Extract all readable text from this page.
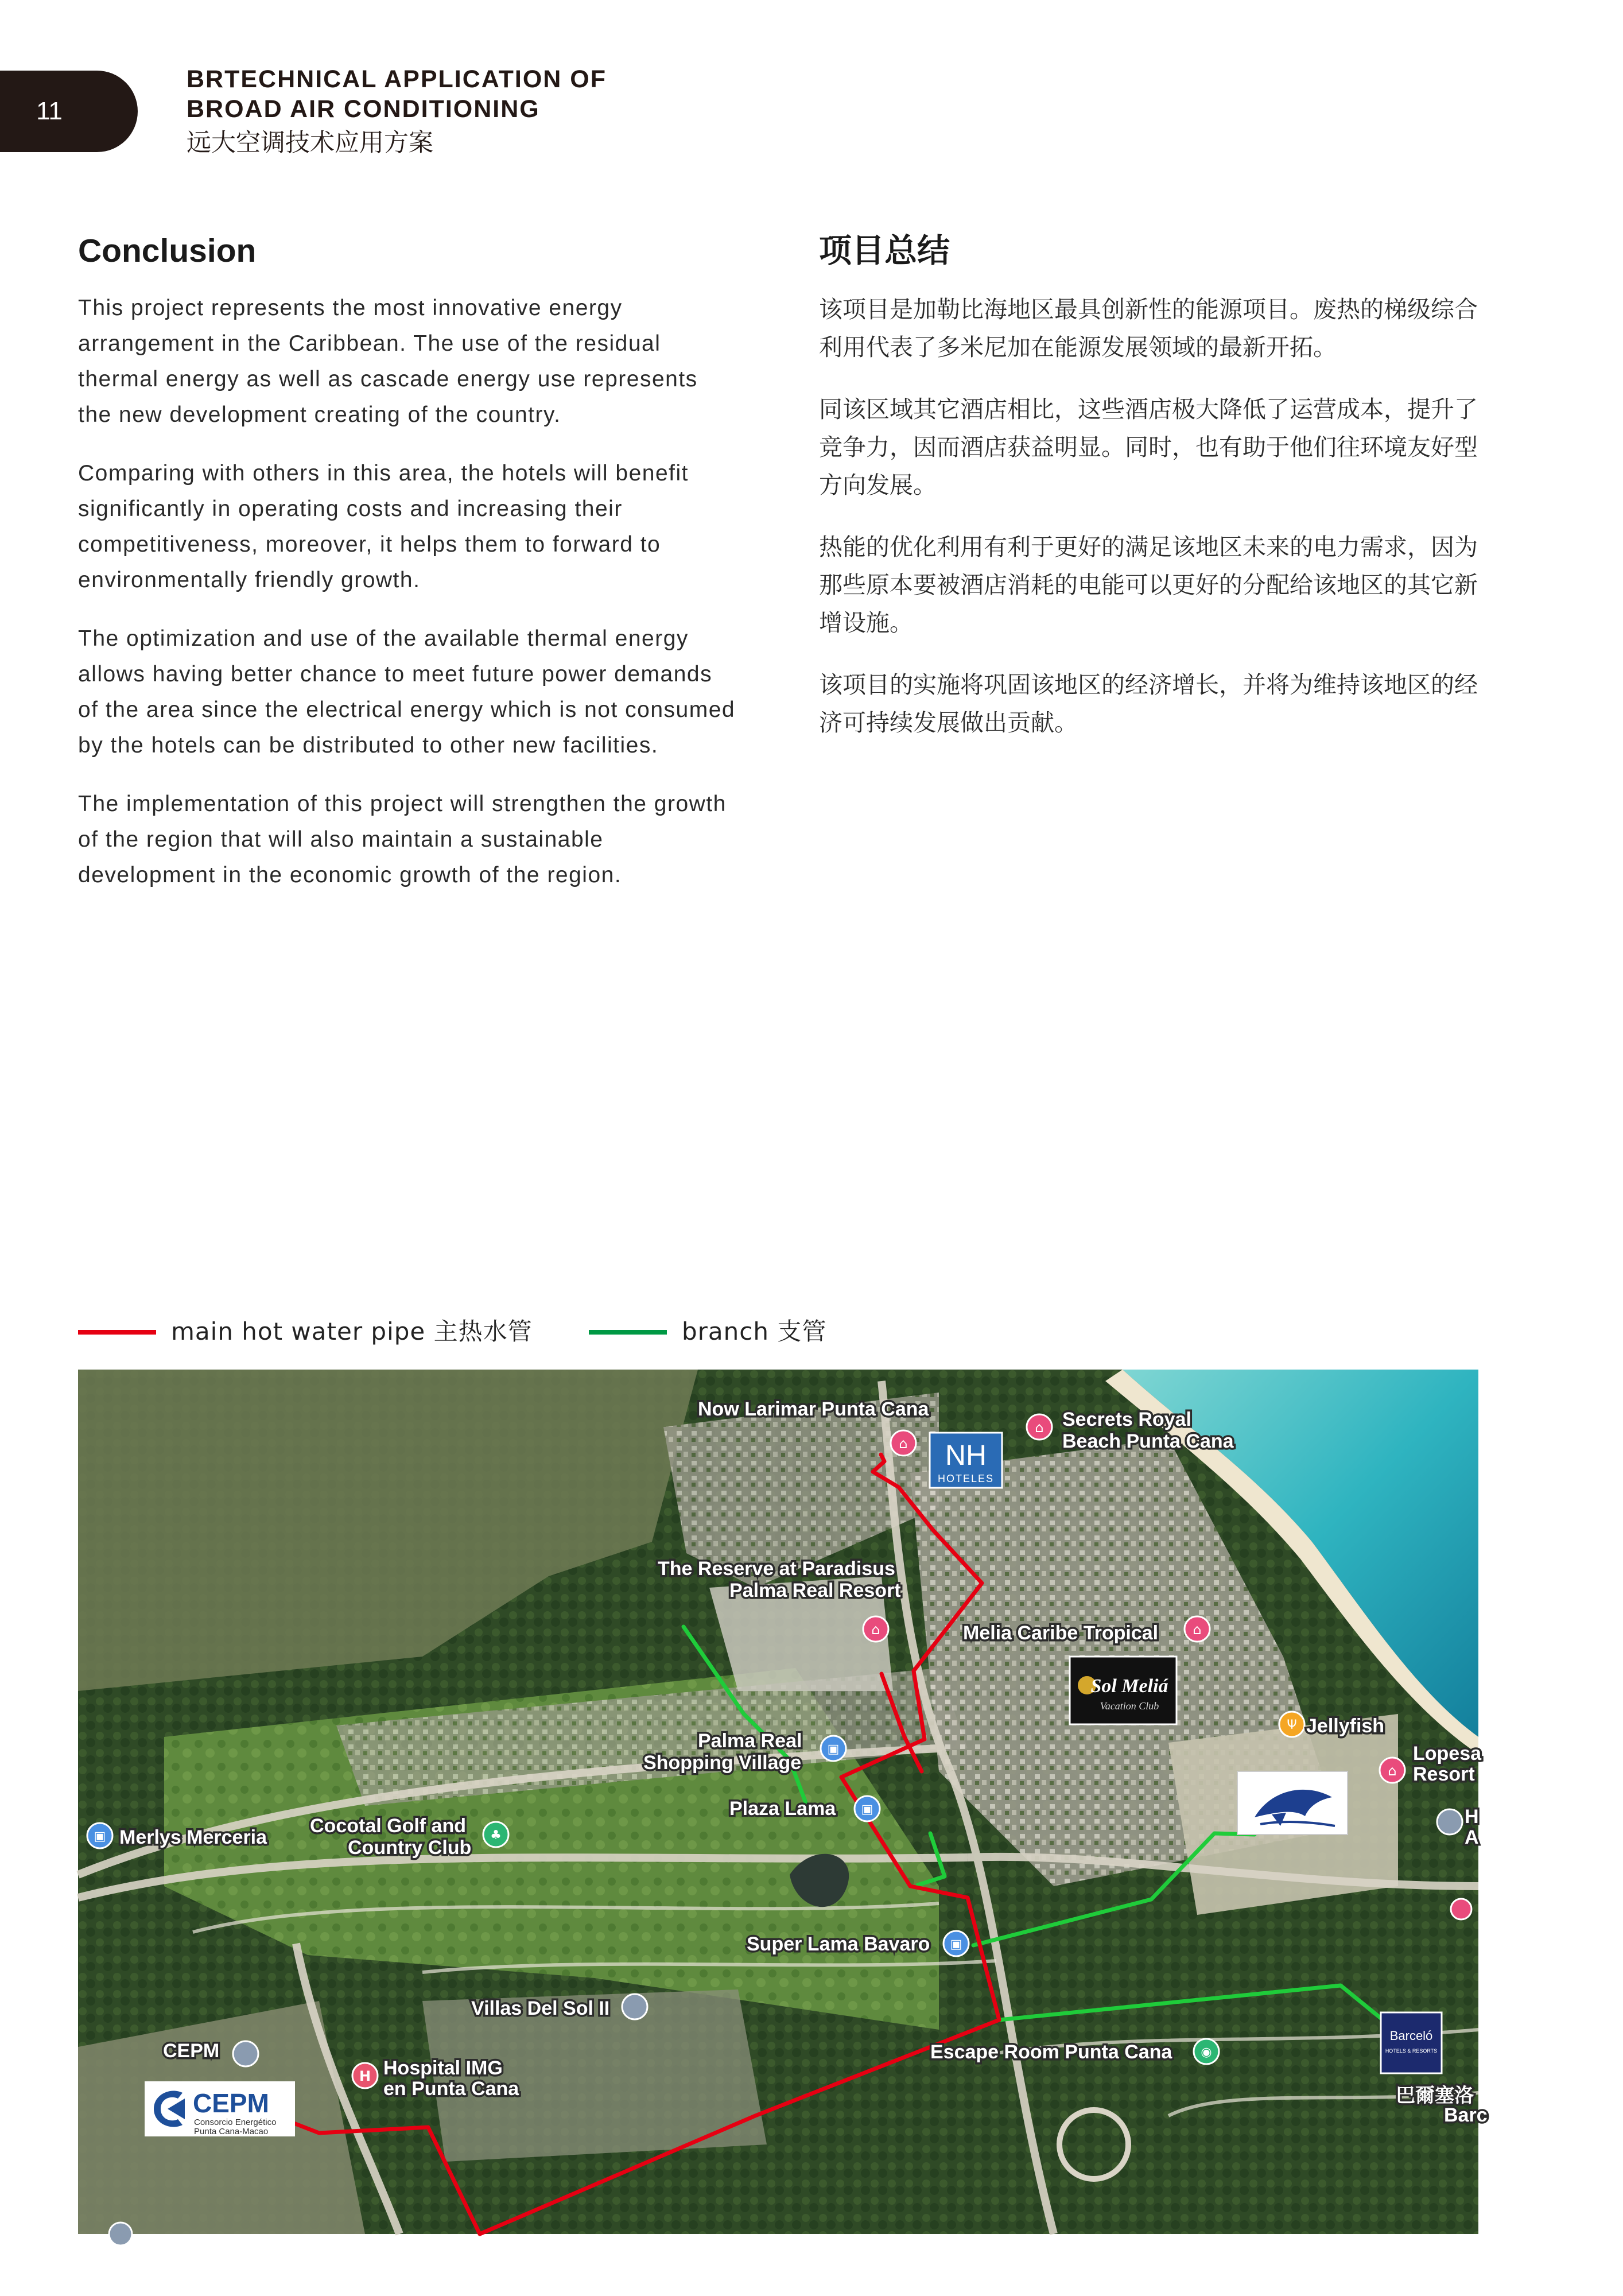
11
BRTECHNICAL APPLICATION OF
BROAD AIR CONDITIONING
远大空调技术应用方案
Conclusion

This project represents the most innovative energy arrangement in the Caribbean. The use of the residual thermal energy as well as cascade energy use represents the new development creating of the country.

Comparing with others in this area, the hotels will benefit significantly in operating costs and increasing their competitiveness, moreover, it helps them to forward to environmentally friendly growth.

The optimization and use of the available thermal energy allows having better chance to meet future power demands of the area since the electrical energy which is not consumed by the hotels can be distributed to other new facilities.

The implementation of this project will strengthen the growth of the region that will also maintain a sustainable development in the economic growth of the region.

项目总结

该项目是加勒比海地区最具创新性的能源项目。废热的梯级综合利用代表了多米尼加在能源发展领域的最新开拓。

同该区域其它酒店相比，这些酒店极大降低了运营成本，提升了竞争力，因而酒店获益明显。同时，也有助于他们往环境友好型方向发展。

热能的优化利用有利于更好的满足该地区未来的电力需求，因为那些原本要被酒店消耗的电能可以更好的分配给该地区的其它新增设施。

该项目的实施将巩固该地区的经济增长，并将为维持该地区的经济可持续发展做出贡献。

main hot water pipe 主热水管	branch 支管
⌂
⌂
⌂	⌂
Ψ
⌂
▣
▣
▣	♣
▣
H
◉
Now Larimar Punta Cana	Secrets Royal
Beach Punta Cana
The Reserve at Paradisus
Palma Real Resort
Melia Caribe Tropical
Jellyfish
Lopesa
Resort
H
A
Palma Real
Shopping Village
Plaza Lama
Merlys Merceria
Cocotal Golf and
Country Club
Super Lama Bavaro
Villas Del Sol II
CEPM
Hospital IMG
en Punta Cana
Escape Room Punta Cana
巴爾塞洛
Barc
NH
HOTELES
Sol Meliá
Vacation Club
Barceló
HOTELS & RESORTS
CEPM
Consorcio Energético
Punta Cana-Macao
